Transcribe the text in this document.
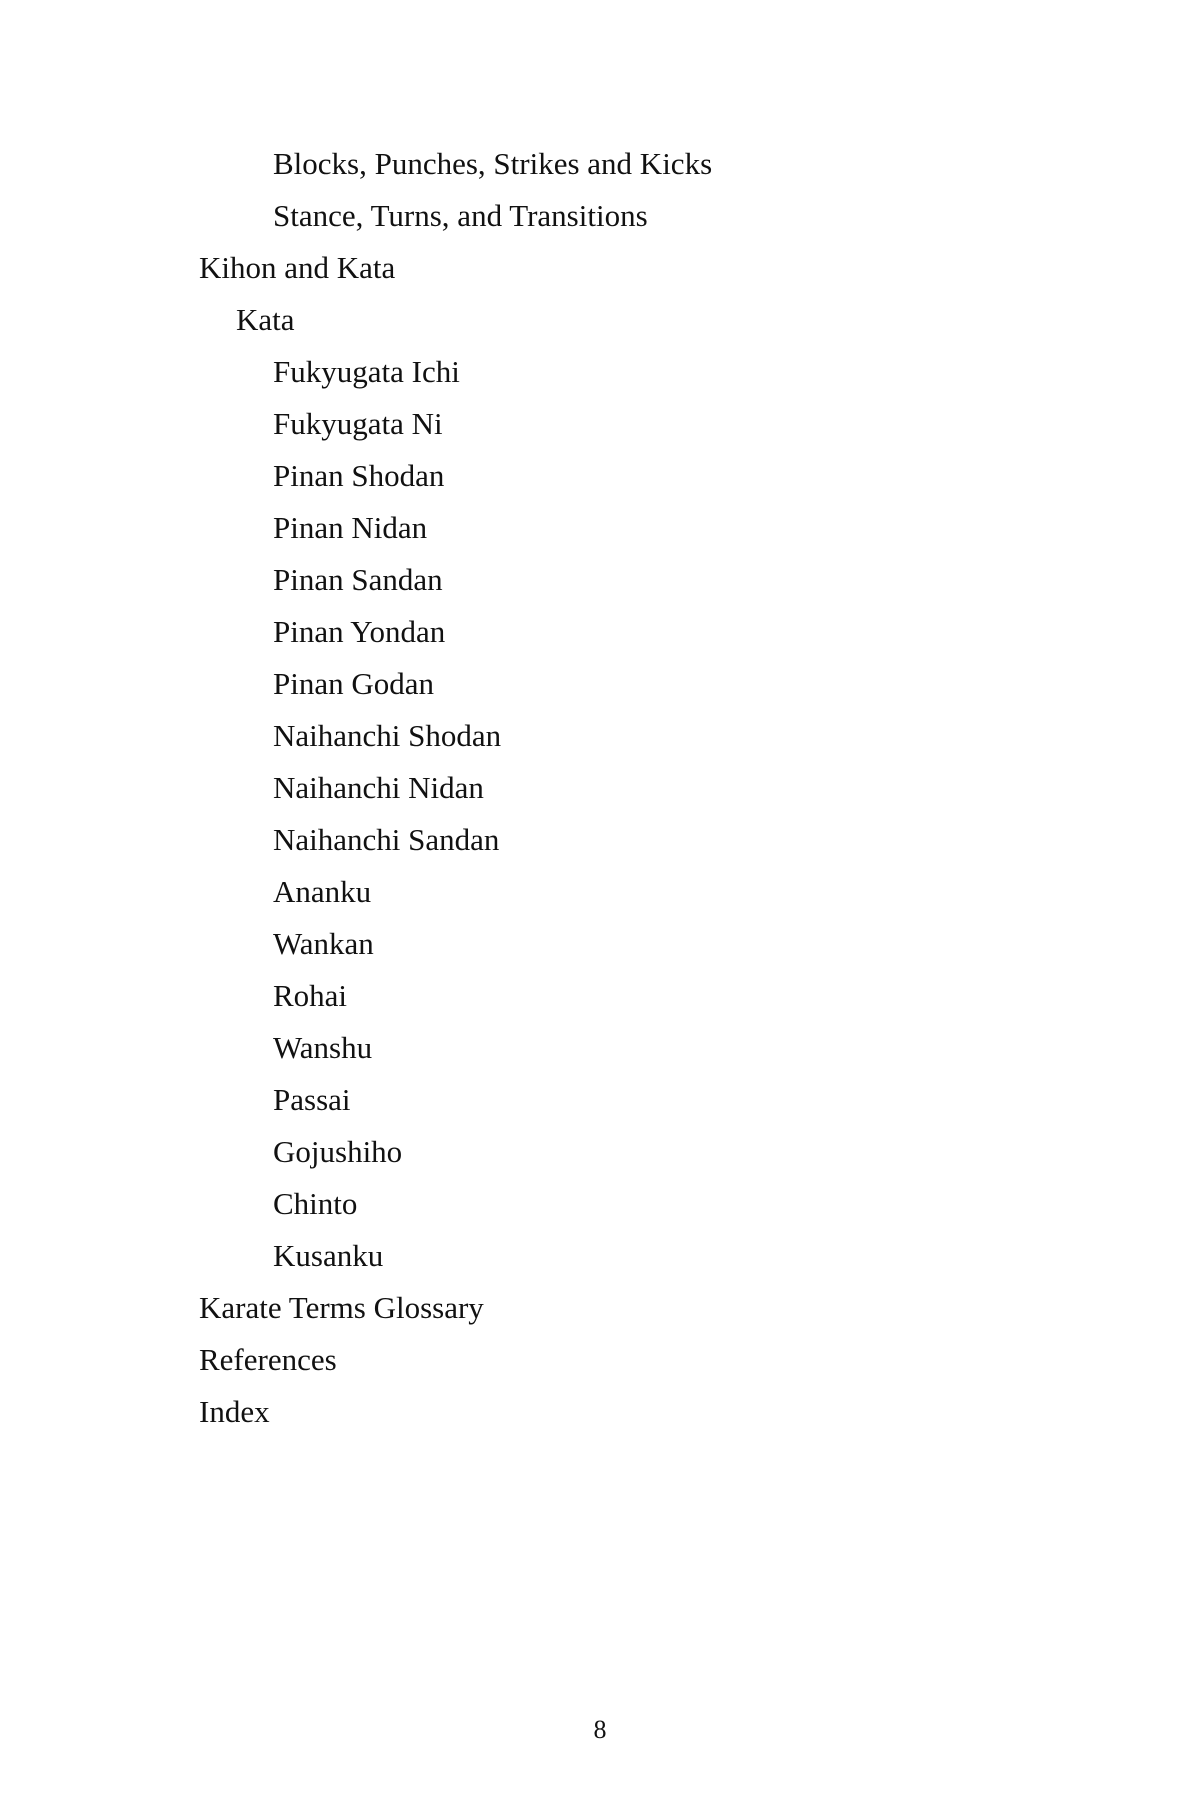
Blocks, Punches, Strikes and Kicks
Stance, Turns, and Transitions
Kihon and Kata
Kata
Fukyugata Ichi
Fukyugata Ni
Pinan Shodan
Pinan Nidan
Pinan Sandan
Pinan Yondan
Pinan Godan
Naihanchi Shodan
Naihanchi Nidan
Naihanchi Sandan
Ananku
Wankan
Rohai
Wanshu
Passai
Gojushiho
Chinto
Kusanku
Karate Terms Glossary
References
Index
8
